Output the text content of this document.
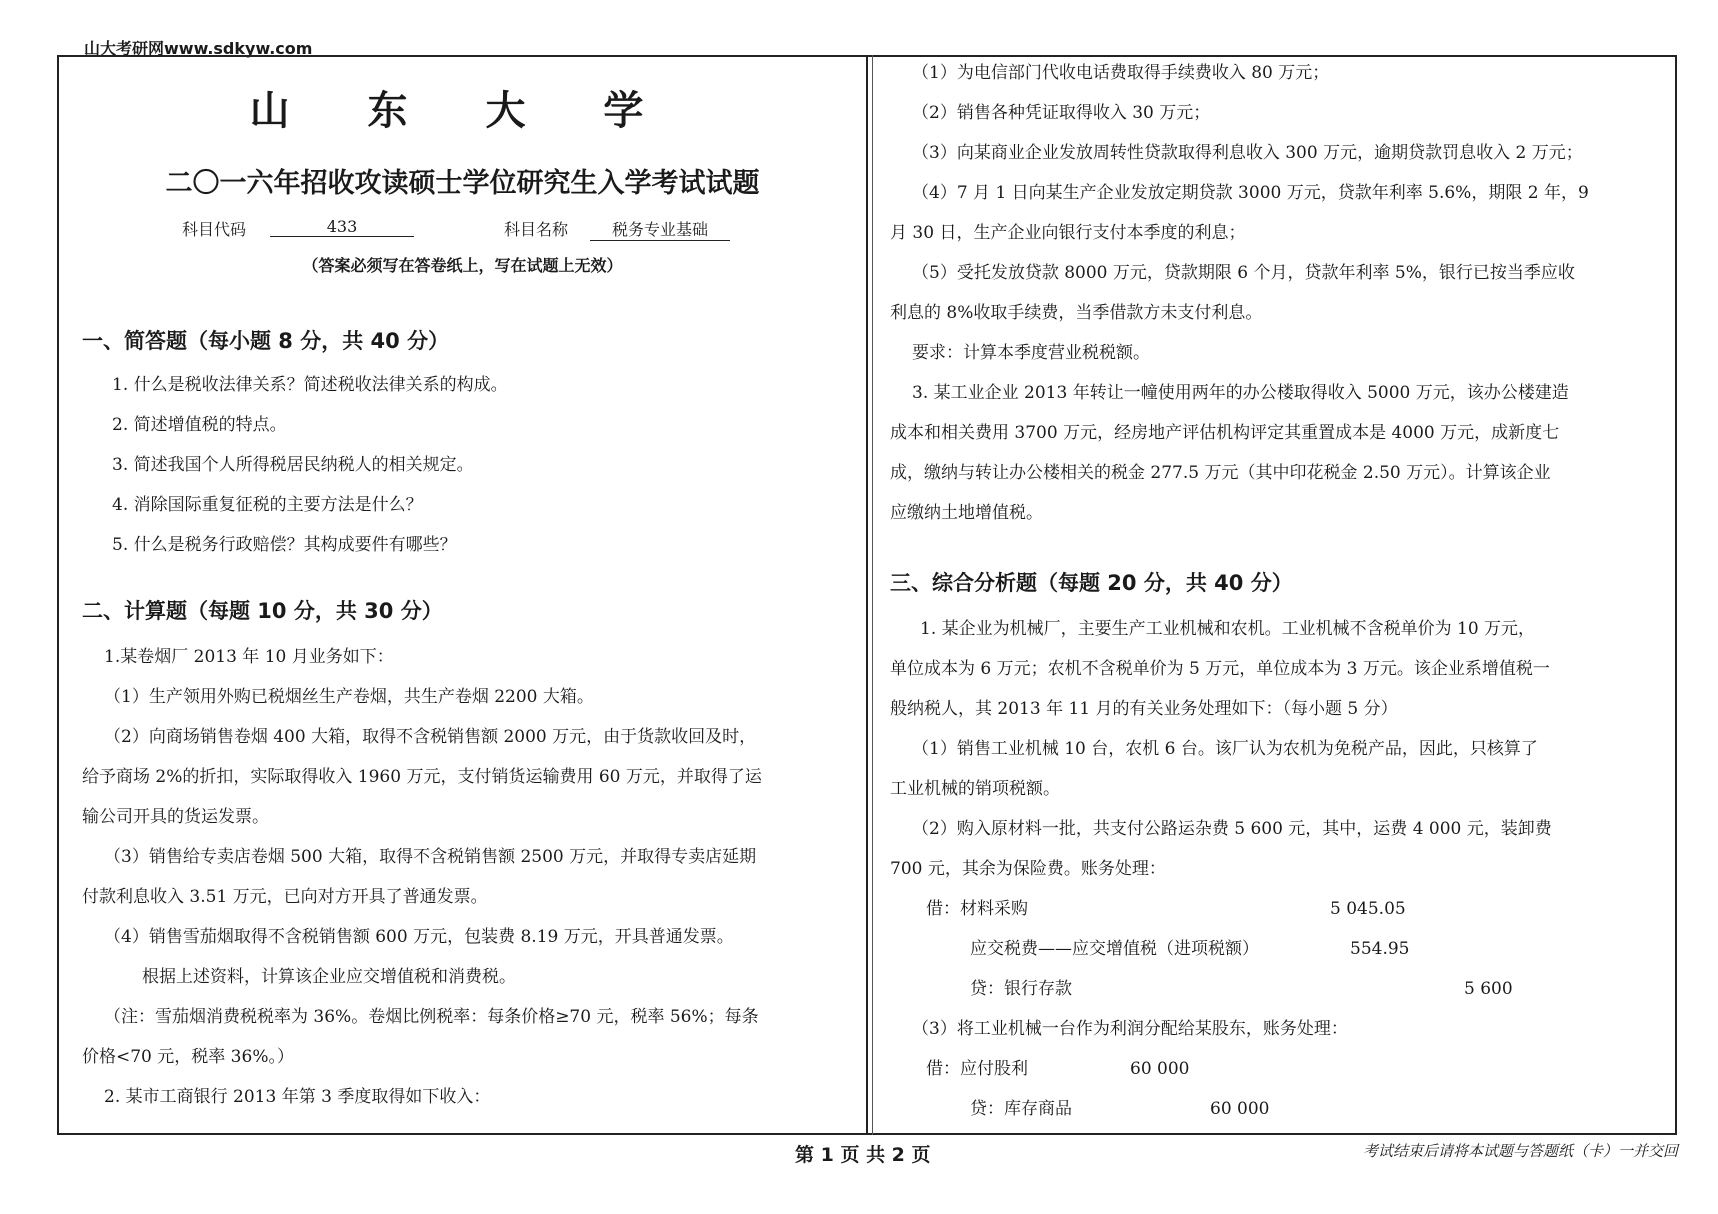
山大考研网www.sdkyw.com
山 东 大 学
二〇一六年招收攻读硕士学位研究生入学考试试题
科目代码	433	科目名称	税务专业基础
（答案必须写在答卷纸上，写在试题上无效）
一、简答题（每小题 8 分，共 40 分）
1. 什么是税收法律关系？简述税收法律关系的构成。
2. 简述增值税的特点。
3. 简述我国个人所得税居民纳税人的相关规定。
4. 消除国际重复征税的主要方法是什么？
5. 什么是税务行政赔偿？其构成要件有哪些？
二、计算题（每题 10 分，共 30 分）
1.某卷烟厂 2013 年 10 月业务如下：
（1）生产领用外购已税烟丝生产卷烟，共生产卷烟 2200 大箱。
（2）向商场销售卷烟 400 大箱，取得不含税销售额 2000 万元，由于货款收回及时，
给予商场 2%的折扣，实际取得收入 1960 万元，支付销货运输费用 60 万元，并取得了运
输公司开具的货运发票。
（3）销售给专卖店卷烟 500 大箱，取得不含税销售额 2500 万元，并取得专卖店延期
付款利息收入 3.51 万元，已向对方开具了普通发票。
（4）销售雪茄烟取得不含税销售额 600 万元，包装费 8.19 万元，开具普通发票。
根据上述资料，计算该企业应交增值税和消费税。
（注：雪茄烟消费税税率为 36%。卷烟比例税率：每条价格≥70 元，税率 56%；每条
价格<70 元，税率 36%。）
2. 某市工商银行 2013 年第 3 季度取得如下收入：
（1）为电信部门代收电话费取得手续费收入 80 万元；
（2）销售各种凭证取得收入 30 万元；
（3）向某商业企业发放周转性贷款取得利息收入 300 万元，逾期贷款罚息收入 2 万元；
（4）7 月 1 日向某生产企业发放定期贷款 3000 万元，贷款年利率 5.6%，期限 2 年，9
月 30 日，生产企业向银行支付本季度的利息；
（5）受托发放贷款 8000 万元，贷款期限 6 个月，贷款年利率 5%，银行已按当季应收
利息的 8%收取手续费，当季借款方未支付利息。
要求：计算本季度营业税税额。
3. 某工业企业 2013 年转让一幢使用两年的办公楼取得收入 5000 万元，该办公楼建造
成本和相关费用 3700 万元，经房地产评估机构评定其重置成本是 4000 万元，成新度七
成，缴纳与转让办公楼相关的税金 277.5 万元（其中印花税金 2.50 万元）。计算该企业
应缴纳土地增值税。
三、综合分析题（每题 20 分，共 40 分）
1. 某企业为机械厂，主要生产工业机械和农机。工业机械不含税单价为 10 万元，
单位成本为 6 万元；农机不含税单价为 5 万元，单位成本为 3 万元。该企业系增值税一
般纳税人，其 2013 年 11 月的有关业务处理如下：（每小题 5 分）
（1）销售工业机械 10 台，农机 6 台。该厂认为农机为免税产品，因此，只核算了
工业机械的销项税额。
（2）购入原材料一批，共支付公路运杂费 5 600 元，其中，运费 4 000 元，装卸费
700 元，其余为保险费。账务处理：
借：材料采购	5 045.05
应交税费——应交增值税（进项税额）	554.95
贷：银行存款	5 600
（3）将工业机械一台作为利润分配给某股东，账务处理：
借：应付股利	60 000
贷：库存商品	60 000
第 1 页 共 2 页	考试结束后请将本试题与答题纸（卡）一并交回
